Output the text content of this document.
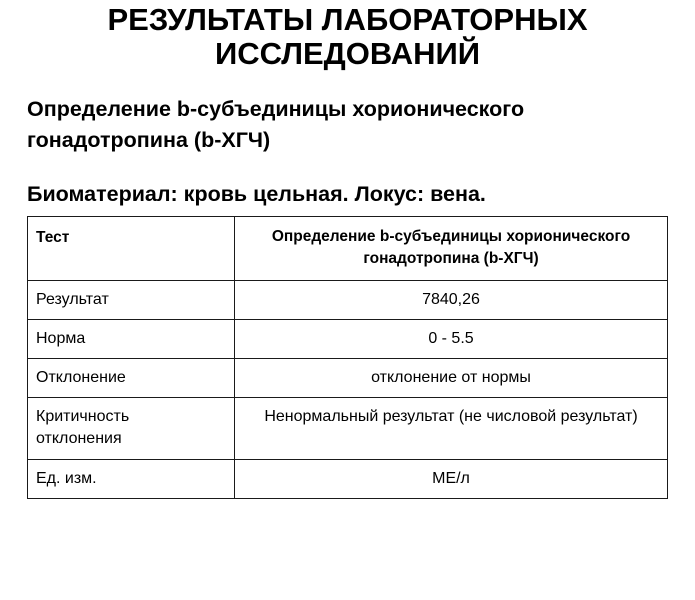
РЕЗУЛЬТАТЫ ЛАБОРАТОРНЫХ
ИССЛЕДОВАНИЙ
Определение b-субъединицы хорионического
гонадотропина (b-ХГЧ)
Биоматериал: кровь цельная. Локус: вена.
Тест	Определение b-субъединицы хорионического
гонадотропина (b-ХГЧ)

Результат	7840,26
Норма	0 - 5.5
Отклонение	отклонение от нормы

Критичность
отклонения	Ненормальный результат (не числовой результат)
Ед. изм.	МЕ/л
